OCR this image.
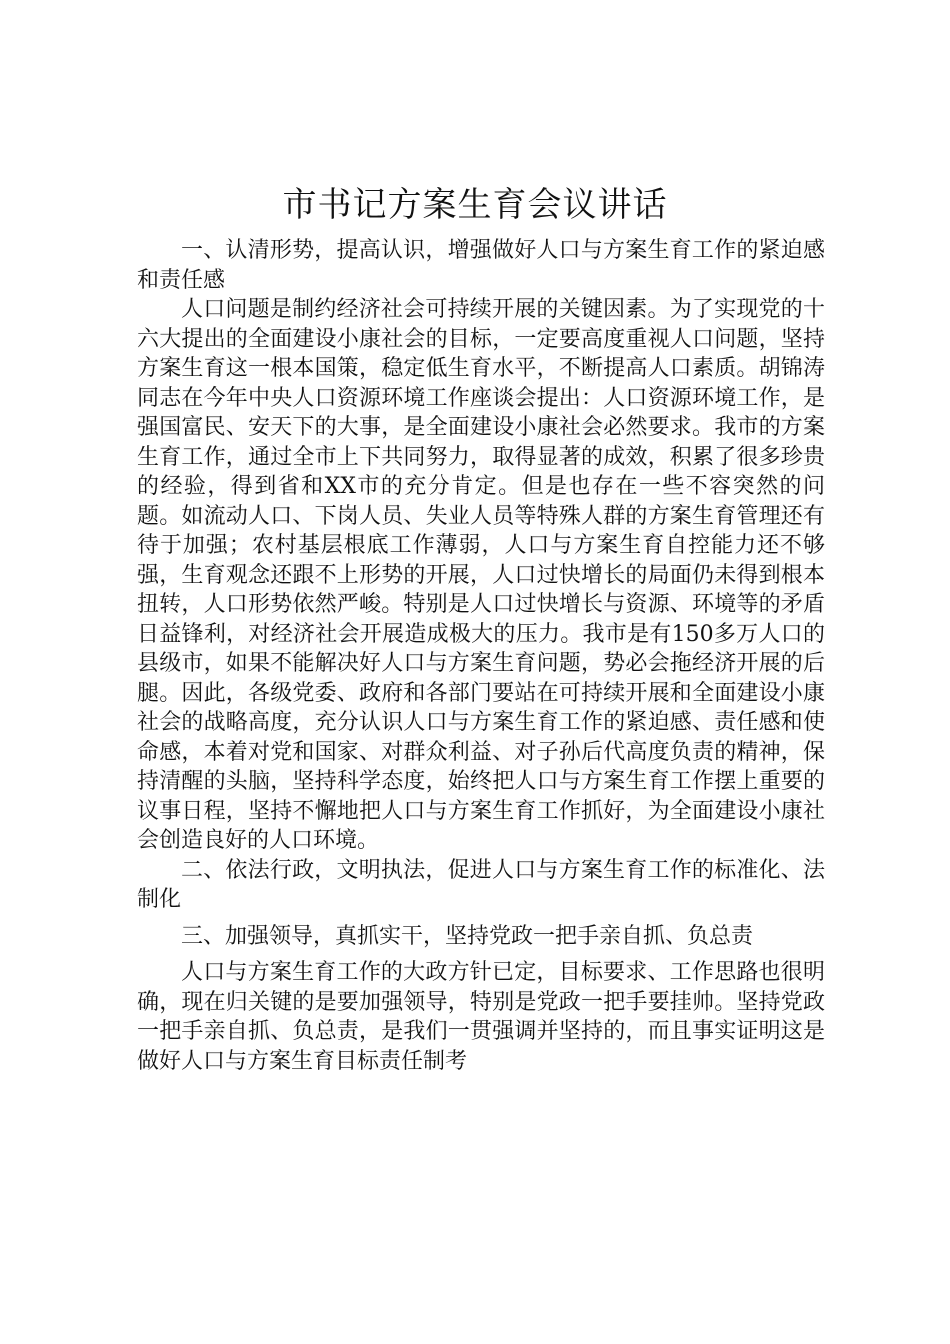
市书记方案生育会议讲话

一、认清形势，提高认识，增强做好人口与方案生育工作的紧迫感和责任感

人口问题是制约经济社会可持续开展的关键因素。为了实现党的十六大提出的全面建设小康社会的目标，一定要高度重视人口问题，坚持方案生育这一根本国策，稳定低生育水平，不断提高人口素质。胡锦涛同志在今年中央人口资源环境工作座谈会提出：人口资源环境工作，是强国富民、安天下的大事，是全面建设小康社会必然要求。我市的方案生育工作，通过全市上下共同努力，取得显著的成效，积累了很多珍贵的经验，得到省和XX市的充分肯定。但是也存在一些不容突然的问题。如流动人口、下岗人员、失业人员等特殊人群的方案生育管理还有待于加强；农村基层根底工作薄弱，人口与方案生育自控能力还不够强，生育观念还跟不上形势的开展，人口过快增长的局面仍未得到根本扭转，人口形势依然严峻。特别是人口过快增长与资源、环境等的矛盾日益锋利，对经济社会开展造成极大的压力。我市是有150多万人口的县级市，如果不能解决好人口与方案生育问题，势必会拖经济开展的后腿。因此，各级党委、政府和各部门要站在可持续开展和全面建设小康社会的战略高度，充分认识人口与方案生育工作的紧迫感、责任感和使命感，本着对党和国家、对群众利益、对子孙后代高度负责的精神，保持清醒的头脑，坚持科学态度，始终把人口与方案生育工作摆上重要的议事日程，坚持不懈地把人口与方案生育工作抓好，为全面建设小康社会创造良好的人口环境。

二、依法行政，文明执法，促进人口与方案生育工作的标准化、法制化

三、加强领导，真抓实干，坚持党政一把手亲自抓、负总责

人口与方案生育工作的大政方针已定，目标要求、工作思路也很明确，现在归关键的是要加强领导，特别是党政一把手要挂帅。坚持党政一把手亲自抓、负总责，是我们一贯强调并坚持的，而且事实证明这是做好人口与方案生育目标责任制考
